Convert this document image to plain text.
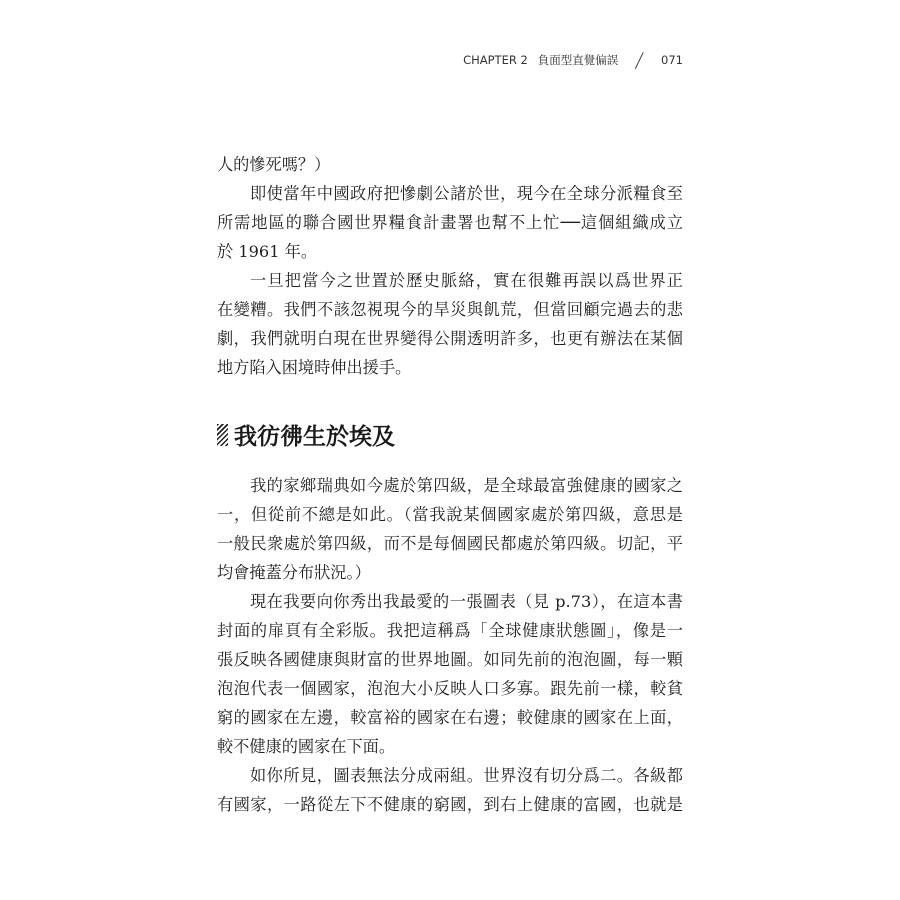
CHAPTER 2 負面型直覺偏誤 / 071
人的慘死嗎？）
即使當年中國政府把慘劇公諸於世，現今在全球分派糧食至
所需地區的聯合國世界糧食計畫署也幫不上忙──這個組織成立
於 1961 年。
一旦把當今之世置於歷史脈絡，實在很難再誤以爲世界正
在變糟。我們不該忽視現今的旱災與飢荒，但當回顧完過去的悲
劇，我們就明白現在世界變得公開透明許多，也更有辦法在某個
地方陷入困境時伸出援手。
我彷彿生於埃及
我的家鄉瑞典如今處於第四級，是全球最富強健康的國家之
一，但從前不總是如此。（當我說某個國家處於第四級，意思是
一般民衆處於第四級，而不是每個國民都處於第四級。切記，平
均會掩蓋分布狀況。）
現在我要向你秀出我最愛的一張圖表（見 p.73），在這本書
封面的扉頁有全彩版。我把這稱爲「全球健康狀態圖」，像是一
張反映各國健康與財富的世界地圖。如同先前的泡泡圖，每一顆
泡泡代表一個國家，泡泡大小反映人口多寡。跟先前一樣，較貧
窮的國家在左邊，較富裕的國家在右邊；較健康的國家在上面，
較不健康的國家在下面。
如你所見，圖表無法分成兩組。世界沒有切分爲二。各級都
有國家，一路從左下不健康的窮國，到右上健康的富國，也就是
